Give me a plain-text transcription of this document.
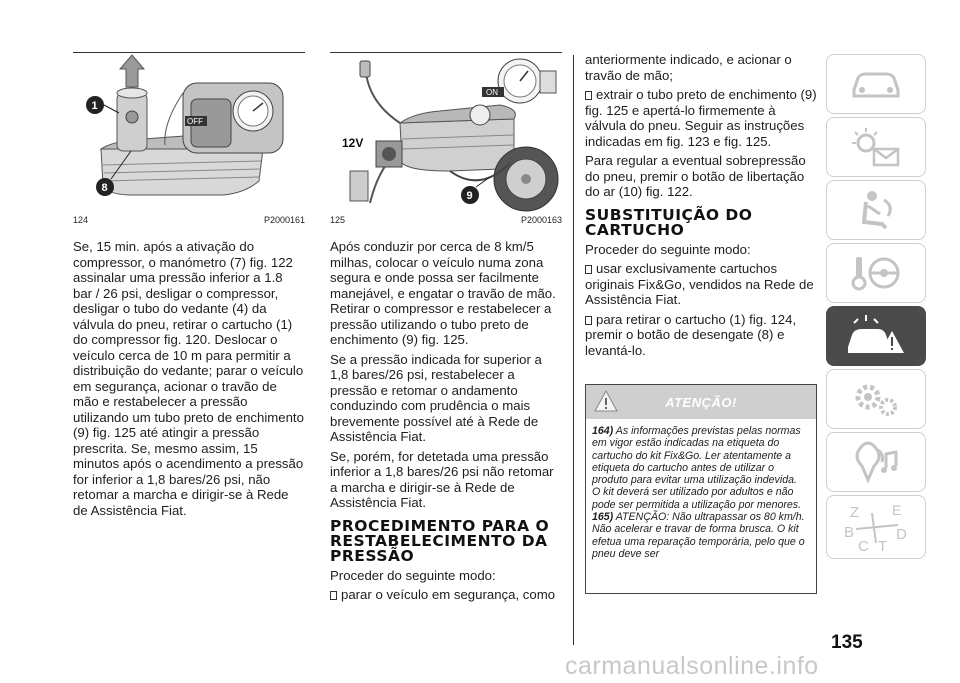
OFF
1
8
124	P2000161

Se, 15 min. após a ativação do compressor, o manómetro (7) fig. 122 assinalar uma pressão inferior a 1.8 bar / 26 psi, desligar o compressor, desligar o tubo do vedante (4) da válvula do pneu, retirar o cartucho (1) do compressor fig. 120. Deslocar o veículo cerca de 10 m para permitir a distribuição do vedante; parar o veículo em segurança, acionar o travão de mão e restabelecer a pressão utilizando um tubo preto de enchimento (9) fig. 125 até atingir a pressão prescrita. Se, mesmo assim, 15 minutos após o acendimento a pressão for inferior a 1,8 bares/26 psi, não retomar a marcha e dirigir-se à Rede de Assistência Fiat.

ON
12V
9
125	P2000163

Após conduzir por cerca de 8 km/5 milhas, colocar o veículo numa zona segura e onde possa ser facilmente manejável, e engatar o travão de mão. Retirar o compressor e restabelecer a pressão utilizando o tubo preto de enchimento (9) fig. 125.

Se a pressão indicada for superior a 1,8 bares/26 psi, restabelecer a pressão e retomar o andamento conduzindo com prudência o mais brevemente possível até à Rede de Assistência Fiat.

Se, porém, for detetada uma pressão inferior a 1,8 bares/26 psi não retomar a marcha e dirigir-se à Rede de Assistência Fiat.

PROCEDIMENTO PARA O RESTABELECIMENTO DA PRESSÃO

Proceder do seguinte modo:

parar o veículo em segurança, como

anteriormente indicado, e acionar o travão de mão;

extrair o tubo preto de enchimento (9) fig. 125 e apertá-lo firmemente à válvula do pneu. Seguir as instruções indicadas em fig. 123 e fig. 125.

Para regular a eventual sobrepressão do pneu, premir o botão de libertação do ar (10) fig. 122.

SUBSTITUIÇÃO DO CARTUCHO

Proceder do seguinte modo:

usar exclusivamente cartuchos originais Fix&Go, vendidos na Rede de Assistência Fiat.

para retirar o cartucho (1) fig. 124, premir o botão de desengate (8) e levantá-lo.

ATENÇÃO!

164) As informações previstas pelas normas em vigor estão indicadas na etiqueta do cartucho do kit Fix&Go. Ler atentamente a etiqueta do cartucho antes de utilizar o produto para evitar uma utilização indevida. O kit deverá ser utilizado por adultos e não pode ser permitida a utilização por menores.

165) ATENÇÃO: Não ultrapassar os 80 km/h. Não acelerar e travar de forma brusca. O kit efetua uma reparação temporária, pelo que o pneu deve ser

Z E
B
C T
D
135
carmanualsonline.info
